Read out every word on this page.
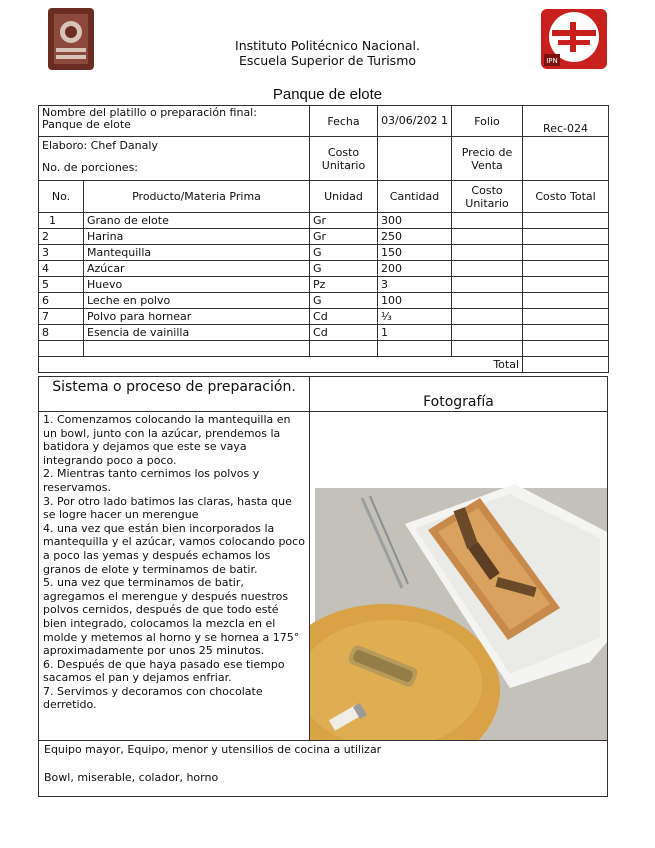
IPN
Instituto Politécnico Nacional.
Escuela Superior de Turismo
Panque de elote
Nombre del platillo o preparación final:
Panque de elote		Fecha	03/06/202 1	Folio	Rec-024
Elaboro: Chef Danaly		Costo Unitario		Precio de Venta	
No. de porciones:					
No.	Producto/Materia Prima	Unidad	Cantidad	Costo Unitario	Costo Total
1	Grano de elote	Gr	300		
2	Harina	Gr	250		
3	Mantequilla	G	150		
4	Azúcar	G	200		
5	Huevo	Pz	3		
6	Leche en polvo	G	100		
7	Polvo para hornear	Cd	⅓		
8	Esencia de vainilla	Cd	1		

Total					
Sistema o proceso de preparación.
Fotografía

1. Comenzamos colocando la mantequilla en un bowl, junto con la azúcar, prendemos la batidora y dejamos que este se vaya integrando poco a poco.

2. Mientras tanto cernimos los polvos y reservamos.

3. Por otro lado batimos las claras, hasta que se logre hacer un merengue

4. una vez que están bien incorporados la mantequilla y el azúcar, vamos colocando poco a poco las yemas y después echamos los granos de elote y terminamos de batir.

5. una vez que terminamos de batir, agregamos el merengue y después nuestros polvos cernidos, después de que todo esté bien integrado, colocamos la mezcla en el molde y metemos al horno y se hornea a 175° aproximadamente por unos 25 minutos.

6. Después de que haya pasado ese tiempo sacamos el pan y dejamos enfriar.

7. Servimos y decoramos con chocolate derretido.

Equipo mayor, Equipo, menor y utensilios de cocina a utilizar
Bowl, miserable, colador, horno
